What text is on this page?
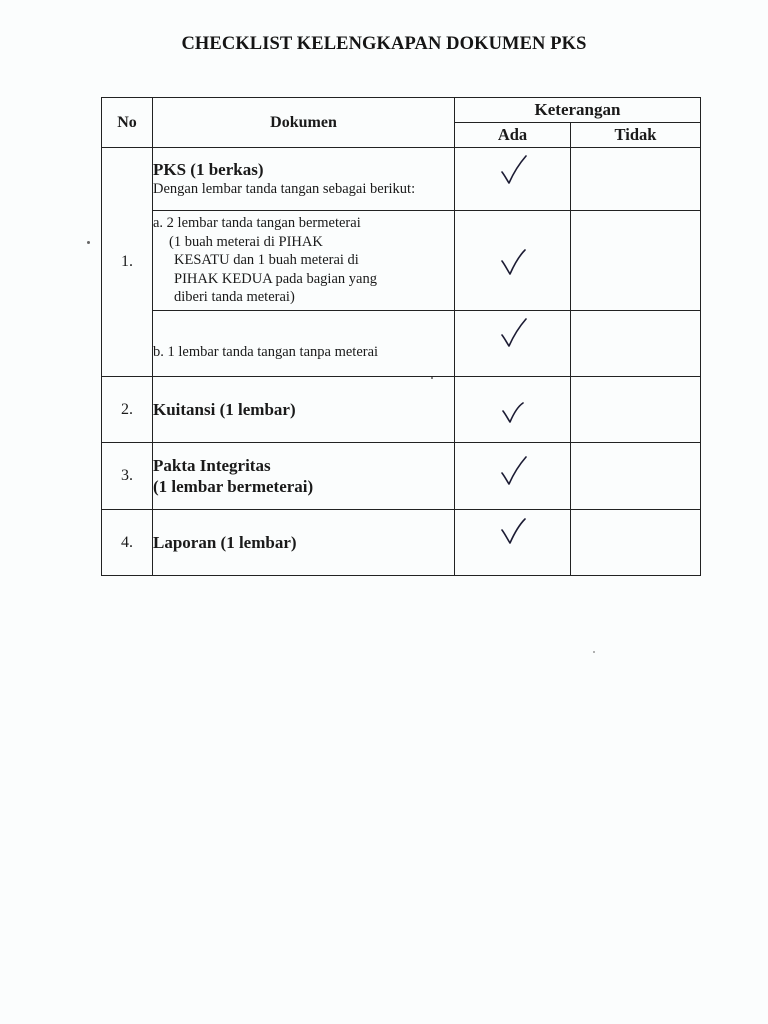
CHECKLIST KELENGKAPAN DOKUMEN PKS
No	Dokumen	Keterangan	
		Ada	Tidak
1.	PKS (1 berkas)
Dengan lembar tanda tangan sebagai berikut:

	a. 2 lembar tanda tangan bermeterai
(1 buah meterai di PIHAK
KESATU dan 1 buah meterai di
PIHAK KEDUA pada bagian yang
diberi tanda meterai)

	b. 1 lembar tanda tangan tanpa meterai

2.	Kuitansi (1 lembar)

3.	Pakta Integritas
(1 lembar bermeterai)

4.	Laporan (1 lembar)
